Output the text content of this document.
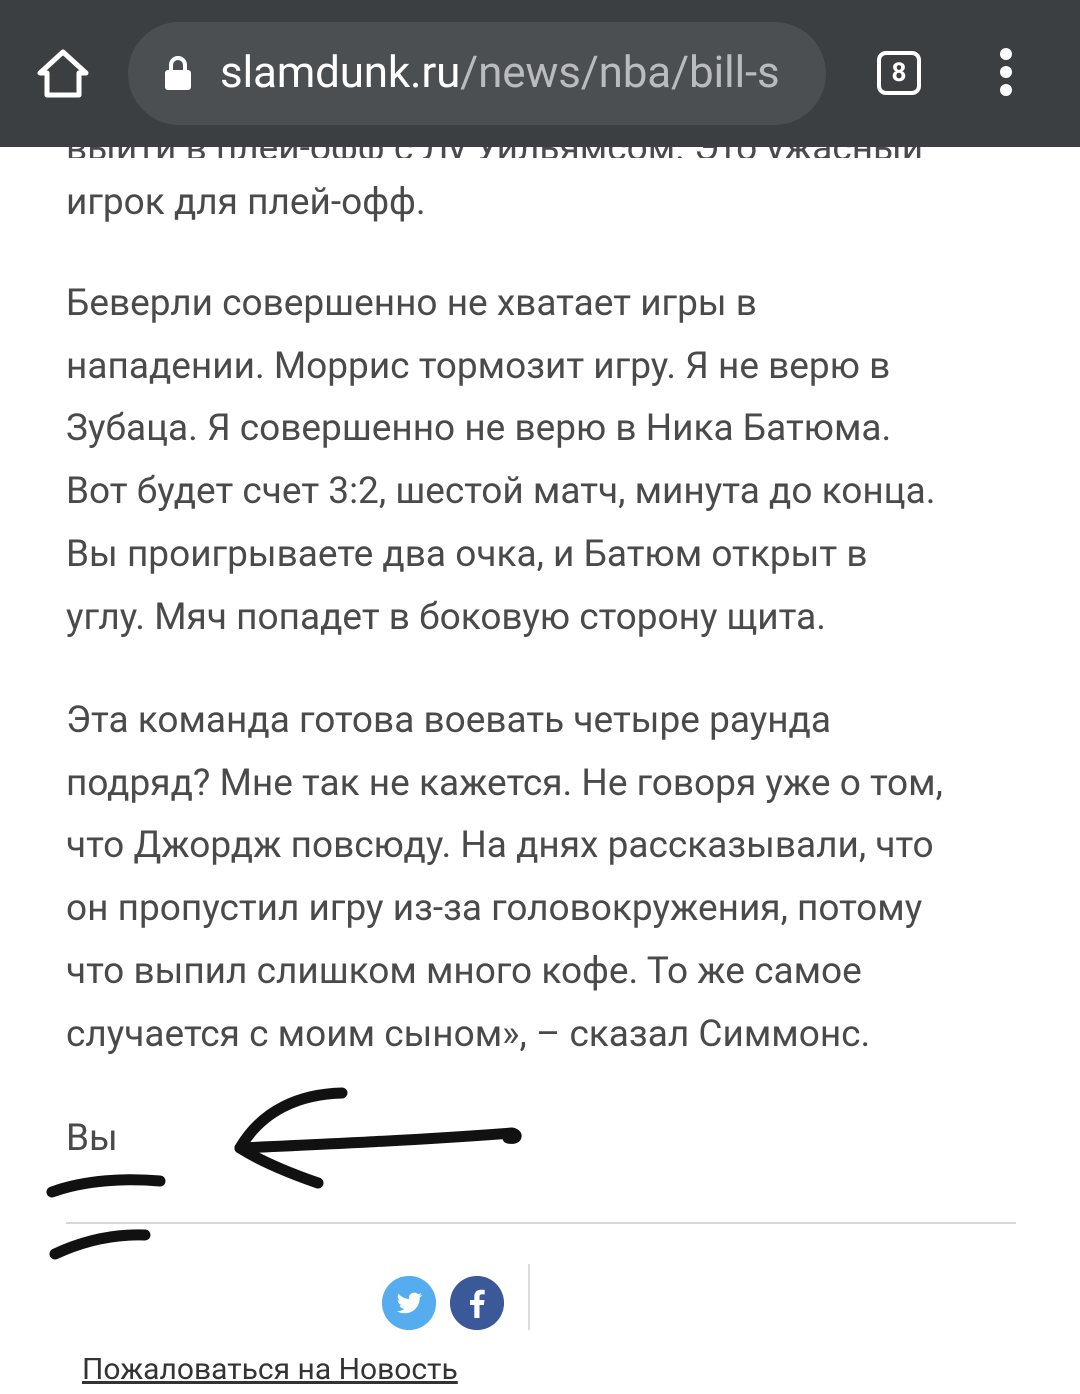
slamdunk.ru/news/nba/bill-s	8

игрок для плей-офф.

Беверли совершенно не хватает игры в
нападении. Моррис тормозит игру. Я не верю в
Зубаца. Я совершенно не верю в Ника Батюма.
Вот будет счет 3:2, шестой матч, минута до конца.
Вы проигрываете два очка, и Батюм открыт в
углу. Мяч попадет в боковую сторону щита.

Эта команда готова воевать четыре раунда
подряд? Мне так не кажется. Не говоря уже о том,
что Джордж повсюду. На днях рассказывали, что
он пропустил игру из-за головокружения, потому
что выпил слишком много кофе. То же самое
случается с моим сыном», – сказал Симмонс.

Вы

Пожаловаться на Новость
